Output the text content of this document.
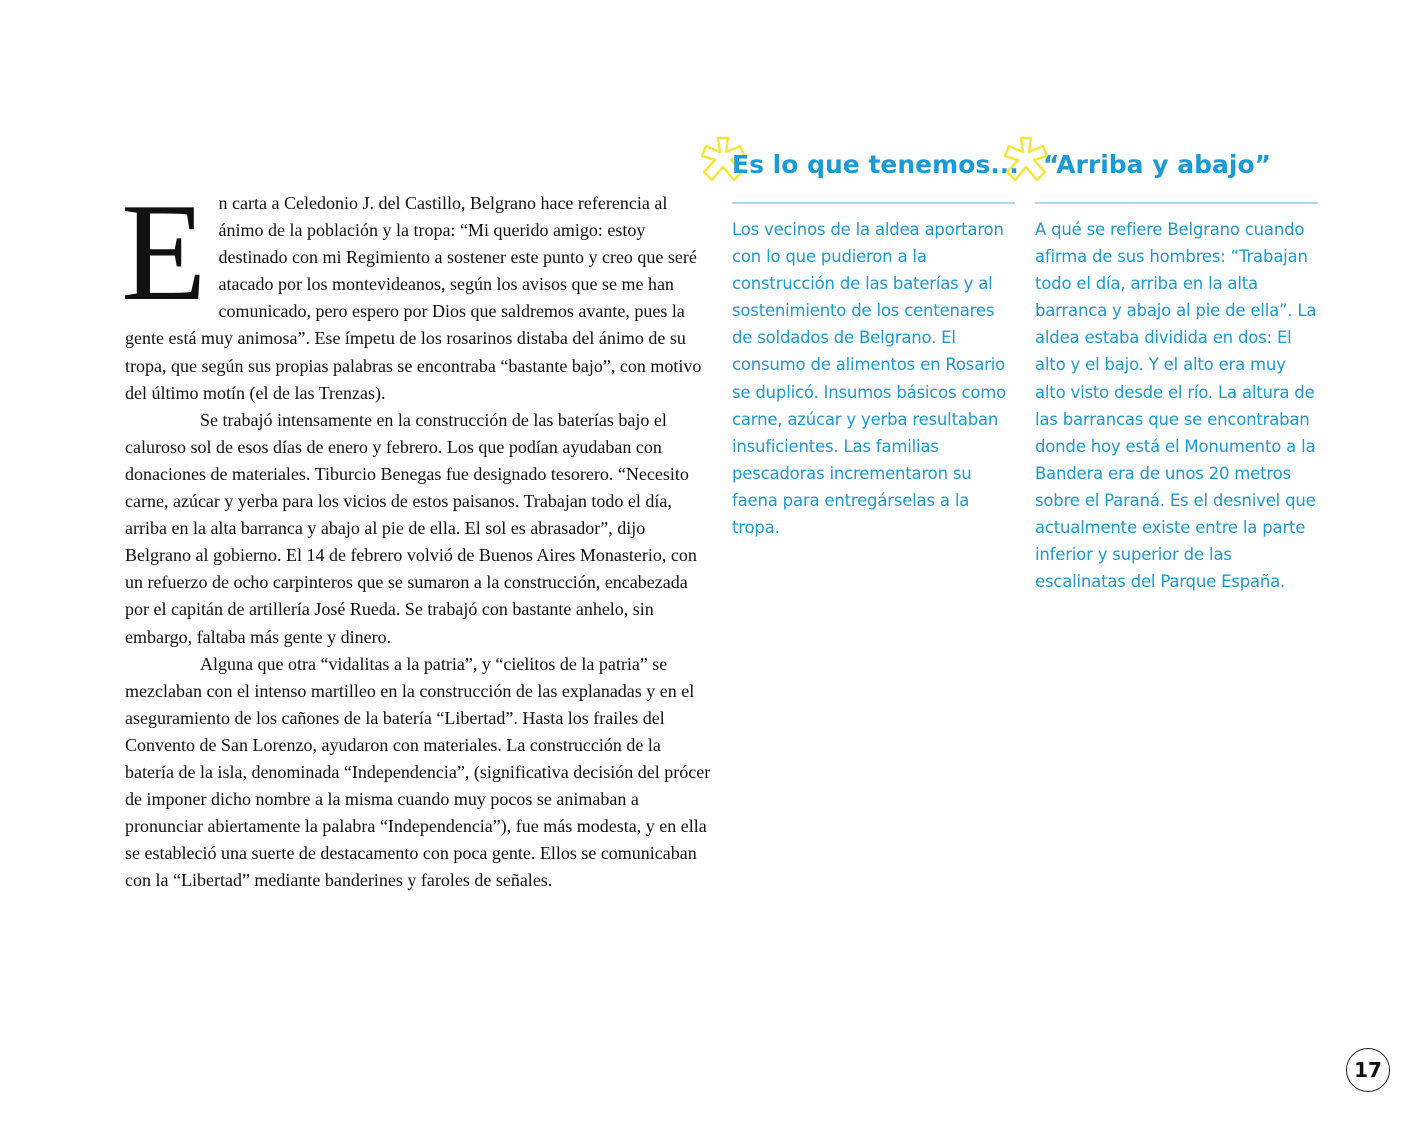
En carta a Celedonio J. del Castillo, Belgrano hace referencia al ánimo de la población y la tropa: “Mi querido amigo: estoy destinado con mi Regimiento a sostener este punto y creo que seré atacado por los montevideanos, según los avisos que se me han comunicado, pero espero por Dios que saldremos avante, pues la gente está muy animosa”. Ese ímpetu de los rosarinos distaba del ánimo de su tropa, que según sus propias palabras se encontraba “bastante bajo”, con motivo del último motín (el de las Trenzas).

Se trabajó intensamente en la construcción de las baterías bajo el caluroso sol de esos días de enero y febrero. Los que podían ayudaban con donaciones de materiales. Tiburcio Benegas fue designado tesorero. “Necesito carne, azúcar y yerba para los vicios de estos paisanos. Trabajan todo el día, arriba en la alta barranca y abajo al pie de ella. El sol es abrasador”, dijo Belgrano al gobierno. El 14 de febrero volvió de Buenos Aires Monasterio, con un refuerzo de ocho carpinteros que se sumaron a la construcción, encabezada por el capitán de artillería José Rueda. Se trabajó con bastante anhelo, sin embargo, faltaba más gente y dinero.

Alguna que otra “vidalitas a la patria”, y “cielitos de la patria” se mezclaban con el intenso martilleo en la construcción de las explanadas y en el aseguramiento de los cañones de la batería “Libertad”. Hasta los frailes del Convento de San Lorenzo, ayudaron con materiales. La construcción de la batería de la isla, denominada “Independencia”, (significativa decisión del prócer de imponer dicho nombre a la misma cuando muy pocos se animaban a pronunciar abiertamente la palabra “Independencia”), fue más modesta, y en ella se estableció una suerte de destacamento con poca gente. Ellos se comunicaban con la “Libertad” mediante banderines y faroles de señales.

Es lo que tenemos...
Los vecinos de la aldea aportaron con lo que pudieron a la construcción de las baterías y al sostenimiento de los centenares de soldados de Belgrano. El consumo de alimentos en Rosario se duplicó. Insumos básicos como carne, azúcar y yerba resultaban insuficientes. Las familias pescadoras incrementaron su faena para entregárselas a la tropa.
“Arriba y abajo”
A qué se refiere Belgrano cuando afirma de sus hombres: “Trabajan todo el día, arriba en la alta barranca y abajo al pie de ella”. La aldea estaba dividida en dos: El alto y el bajo. Y el alto era muy alto visto desde el río. La altura de las barrancas que se encontraban donde hoy está el Monumento a la Bandera era de unos 20 metros sobre el Paraná. Es el desnivel que actualmente existe entre la parte inferior y superior de las escalinatas del Parque España.
17
